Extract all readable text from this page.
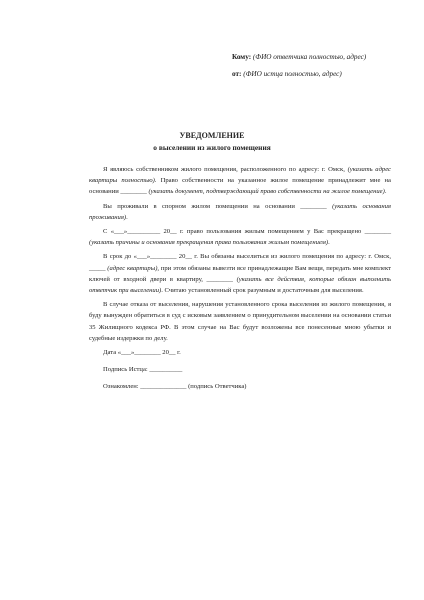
Кому: (ФИО ответчика полностью, адрес)
от: (ФИО истца полностью, адрес)
УВЕДОМЛЕНИЕ
о выселении из жилого помещения

Я являюсь собственником жилого помещения, расположенного по адресу: г. Омск, (указать адрес квартиры полностью). Право собственности на указанное жилое помещение принадлежит мне на основании ________ (указать документ, подтверждающий право собственности на жилое помещение).

Вы проживали в спорном жилом помещении на основании ________ (указать основания проживания).

С «___»__________ 20__ г. право пользования жилым помещением у Вас прекращено ________ (указать причины и основания прекращения права пользования жилым помещением).

В срок до «___»________ 20__ г. Вы обязаны выселиться из жилого помещения по адресу: г. Омск, _____ (адрес квартиры), при этом обязаны вывезти все принадлежащие Вам вещи, передать мне комплект ключей от входной двери в квартиру, ________ (указать все действия, которые обязан выполнить ответчик при выселении). Считаю установленный срок разумным и достаточным для выселения.

В случае отказа от выселения, нарушения установленного срока выселения из жилого помещения, я буду вынужден обратиться в суд с исковым заявлением о принудительном выселении на основании статьи 35 Жилищного кодекса РФ. В этом случае на Вас будут возложены все понесенные мною убытки и судебные издержки по делу.

Дата «___»________ 20__ г.
Подпись Истца: __________
Ознакомлен: ______________ (подпись Ответчика)
